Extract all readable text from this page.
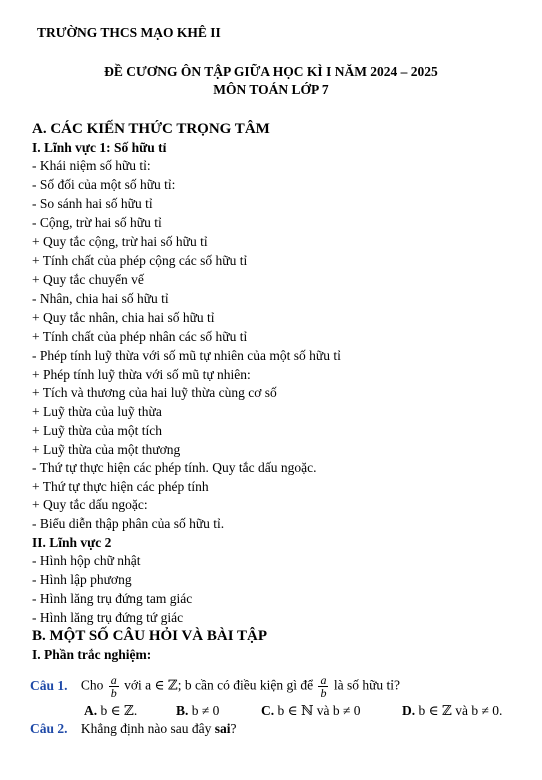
TRƯỜNG THCS MẠO KHÊ II
ĐỀ CƯƠNG ÔN TẬP GIỮA HỌC KÌ I NĂM 2024 – 2025
MÔN TOÁN LỚP 7
A. CÁC KIẾN THỨC TRỌNG TÂM
I. Lĩnh vực 1: Số hữu tỉ
- Khái niệm số hữu tỉ:
- Số đối của một số hữu tỉ:
- So sánh hai số hữu tỉ
- Cộng, trừ hai số hữu tỉ
+ Quy tắc cộng, trừ hai số hữu tỉ
+ Tính chất của phép cộng các số hữu tỉ
+ Quy tắc chuyển vế
- Nhân, chia hai số hữu tỉ
+ Quy tắc nhân, chia hai số hữu tỉ
+ Tính chất của phép nhân các số hữu tỉ
- Phép tính luỹ thừa với số mũ tự nhiên của một số hữu tỉ
+ Phép tính luỹ thừa với số mũ tự nhiên:
+ Tích và thương của hai luỹ thừa cùng cơ số
+ Luỹ thừa của luỹ thừa
+ Luỹ thừa của một tích
+ Luỹ thừa của một thương
- Thứ tự thực hiện các phép tính. Quy tắc dấu ngoặc.
+ Thứ tự thực hiện các phép tính
+ Quy tắc dấu ngoặc:
- Biểu diễn thập phân của số hữu tỉ.
II. Lĩnh vực 2
- Hình hộp chữ nhật
- Hình lập phương
- Hình lăng trụ đứng tam giác
- Hình lăng trụ đứng tứ giác
B. MỘT SỐ CÂU HỎI VÀ BÀI TẬP
I. Phần trắc nghiệm:
Câu 1. Cho $\frac{a}{b}$ với a ∈ ℤ; b cần có điều kiện gì để $\frac{a}{b}$ là số hữu tỉ?
A. b ∈ ℤ.	B. b ≠ 0	C. b ∈ ℕ và b ≠ 0	D. b ∈ ℤ và b ≠ 0.
Câu 2. Khẳng định nào sau đây sai?
